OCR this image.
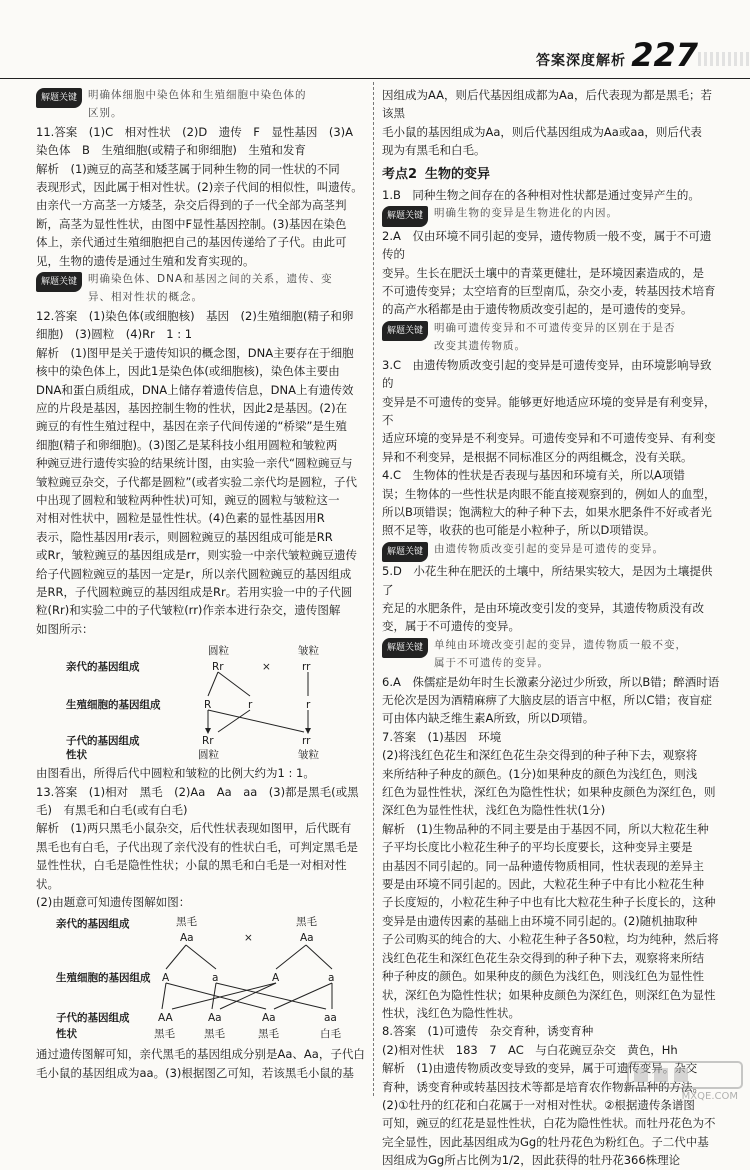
答案深度解析 227
解题关键	明确体细胞中染色体和生殖细胞中染色体的
区别。

11.答案　(1)C　相对性状　(2)D　遗传　F　显性基因　(3)A
染色体　B　生殖细胞(或精子和卵细胞)　生殖和发育

解析　(1)豌豆的高茎和矮茎属于同种生物的同一性状的不同
表现形式，因此属于相对性状。(2)亲子代间的相似性，叫遗传。
由亲代一方高茎一方矮茎，杂交后得到的子一代全部为高茎判
断，高茎为显性性状，由图中F显性基因控制。(3)基因在染色
体上，亲代通过生殖细胞把自己的基因传递给了子代。由此可
见，生物的遗传是通过生殖和发育实现的。

解题关键	明确染色体、DNA和基因之间的关系，遗传、变
异、相对性状的概念。

12.答案　(1)染色体(或细胞核)　基因　(2)生殖细胞(精子和卵
细胞)　(3)圆粒　(4)Rr　1 : 1

解析　(1)图甲是关于遗传知识的概念图，DNA主要存在于细胞
核中的染色体上，因此1是染色体(或细胞核)，染色体主要由
DNA和蛋白质组成，DNA上储存着遗传信息，DNA上有遗传效
应的片段是基因，基因控制生物的性状，因此2是基因。(2)在
豌豆的有性生殖过程中，基因在亲子代间传递的“桥梁”是生殖
细胞(精子和卵细胞)。(3)图乙是某科技小组用圆粒和皱粒两
种豌豆进行遗传实验的结果统计图，由实验一亲代“圆粒豌豆与
皱粒豌豆杂交，子代都是圆粒”(或者实验二亲代均是圆粒，子代
中出现了圆粒和皱粒两种性状)可知，豌豆的圆粒与皱粒这一
对相对性状中，圆粒是显性性状。(4)色素的显性基因用R
表示，隐性基因用r表示，则圆粒豌豆的基因组成可能是RR
或Rr，皱粒豌豆的基因组成是rr，则实验一中亲代皱粒豌豆遗传
给子代圆粒豌豆的基因一定是r，所以亲代圆粒豌豆的基因组成
是RR，子代圆粒豌豆的基因组成是Rr。若用实验一中的子代圆
粒(Rr)和实验二中的子代皱粒(rr)作亲本进行杂交，遗传图解
如图所示：

亲代的基因组成
生殖细胞的基因组成
子代的基因组成
性状
圆粒
Rr	×
皱粒
rr
R	r	r
Rr
圆粒
rr
皱粒

由图看出，所得后代中圆粒和皱粒的比例大约为1 : 1。

13.答案　(1)相对　黑毛　(2)Aa　Aa　aa　(3)都是黑毛(或黑
毛)　有黑毛和白毛(或有白毛)

解析　(1)两只黑毛小鼠杂交，后代性状表现如图甲，后代既有
黑毛也有白毛，子代出现了亲代没有的性状白毛，可判定黑毛是
显性性状，白毛是隐性性状；小鼠的黑毛和白毛是一对相对性状。
(2)由题意可知遗传图解如图：

亲代的基因组成
生殖细胞的基因组成
子代的基因组成
性状
黑毛
Aa	×
黑毛
Aa
A	a	A	a
AA
黑毛
Aa
黑毛
Aa
黑毛
aa
白毛

通过遗传图解可知，亲代黑毛的基因组成分别是Aa、Aa，子代白
毛小鼠的基因组成为aa。(3)根据图乙可知，若该黑毛小鼠的基

因组成为AA，则后代基因组成都为Aa，后代表现为都是黑毛；若该黑
毛小鼠的基因组成为Aa，则后代基因组成为Aa或aa，则后代表
现为有黑毛和白毛。

考点2 生物的变异

1.B　同种生物之间存在的各种相对性状都是通过变异产生的。

解题关键	明确生物的变异是生物进化的内因。

2.A　仅由环境不同引起的变异，遗传物质一般不变，属于不可遗传的
变异。生长在肥沃土壤中的青菜更健壮，是环境因素造成的，是
不可遗传变异；太空培育的巨型南瓜，杂交小麦，转基因技术培育
的高产水稻都是由于遗传物质改变引起的，是可遗传的变异。

解题关键	明确可遗传变异和不可遗传变异的区别在于是否
改变其遗传物质。

3.C　由遗传物质改变引起的变异是可遗传变异，由环境影响导致的
变异是不可遗传的变异。能够更好地适应环境的变异是有利变异，不
适应环境的变异是不利变异。可遗传变异和不可遗传变异、有利变
异和不利变异，是根据不同标准区分的两组概念，没有关联。

4.C　生物体的性状是否表现与基因和环境有关，所以A项错
误；生物体的一些性状是肉眼不能直接观察到的，例如人的血型，
所以B项错误；饱满粒大的种子种下去，如果水肥条件不好或者光
照不足等，收获的也可能是小粒种子，所以D项错误。

解题关键	由遗传物质改变引起的变异是可遗传的变异。

5.D　小花生种在肥沃的土壤中，所结果实较大，是因为土壤提供了
充足的水肥条件，是由环境改变引发的变异，其遗传物质没有改
变，属于不可遗传的变异。

解题关键	单纯由环境改变引起的变异，遗传物质一般不变，
属于不可遗传的变异。

6.A　侏儒症是幼年时生长激素分泌过少所致，所以B错；醉酒时语
无伦次是因为酒精麻痹了大脑皮层的语言中枢，所以C错；夜盲症
可由体内缺乏维生素A所致，所以D项错。

7.答案　(1)基因　环境
(2)将浅红色花生和深红色花生杂交得到的种子种下去，观察将
来所结种子种皮的颜色。(1分)如果种皮的颜色为浅红色，则浅
红色为显性性状，深红色为隐性性状；如果种皮颜色为深红色，则
深红色为显性性状，浅红色为隐性性状(1分)
解析　(1)生物品种的不同主要是由于基因不同，所以大粒花生种
子平均长度比小粒花生种子的平均长度要长，这种变异主要是
由基因不同引起的。同一品种遗传物质相同，性状表现的差异主
要是由环境不同引起的。因此，大粒花生种子中有比小粒花生种
子长度短的，小粒花生种子中也有比大粒花生种子长度长的，这种
变异是由遗传因素的基础上由环境不同引起的。(2)随机抽取种
子公司购买的纯合的大、小粒花生种子各50粒，均为纯种，然后将
浅红色花生和深红色花生杂交得到的种子种下去，观察将来所结
种子种皮的颜色。如果种皮的颜色为浅红色，则浅红色为显性性
状，深红色为隐性性状；如果种皮颜色为深红色，则深红色为显性
性状，浅红色为隐性性状。

8.答案　(1)可遗传　杂交育种，诱变育种
(2)相对性状　183　7　AC　与白花豌豆杂交　黄色，Hh
解析　(1)由遗传物质改变导致的变异，属于可遗传变异。杂交
育种，诱变育种或转基因技术等都是培育农作物新品种的方法。
(2)①牡丹的红花和白花属于一对相对性状。②根据遗传条谱图
可知，豌豆的红花是显性性状，白花为隐性性状。而牡丹花色为不
完全显性，因此基因组成为Gg的牡丹花色为粉红色。子二代中基
因组成为Gg所占比例为1/2，因此获得的牡丹花366株理论

MXQE.COM
